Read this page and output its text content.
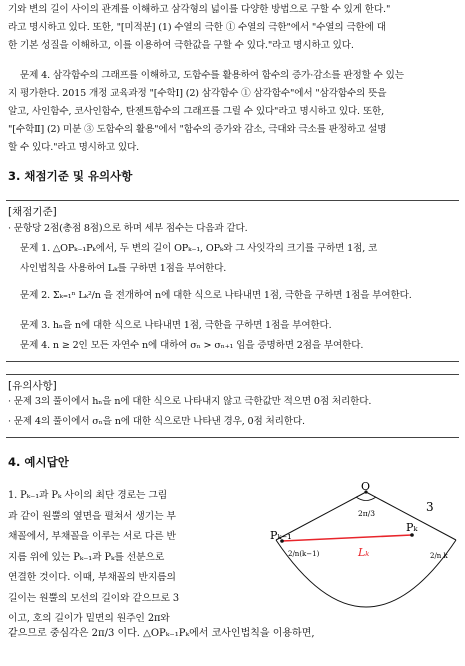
기와 변의 길이 사이의 관계를 이해하고 삼각형의 넓이를 다양한 방법으로 구할 수 있게 한다."
라고 명시하고 있다. 또한, "[미적분] (1) 수열의 극한 ① 수열의 극한"에서 "수열의 극한에 대
한 기본 성질을 이해하고, 이를 이용하여 극한값을 구할 수 있다."라고 명시하고 있다.
문제 4. 삼각함수의 그래프를 이해하고, 도함수를 활용하여 함수의 증가·감소를 판정할 수 있는
지 평가한다. 2015 개정 교육과정 "[수학Ⅰ] (2) 삼각함수 ① 삼각함수"에서 "삼각함수의 뜻을
알고, 사인함수, 코사인함수, 탄젠트함수의 그래프를 그릴 수 있다"라고 명시하고 있다. 또한,
"[수학Ⅱ] (2) 미분 ③ 도함수의 활용"에서 "함수의 증가와 감소, 극대와 극소를 판정하고 설명
할 수 있다."라고 명시하고 있다.
3. 채점기준 및 유의사항
[채점기준]
· 문항당 2점(총점 8점)으로 하며 세부 점수는 다음과 같다.
문제 1. △OPₖ₋₁Pₖ에서, 두 변의 길이 OPₖ₋₁, OPₖ와 그 사잇각의 크기를 구하면 1점, 코
사인법칙을 사용하여 Lₖ를 구하면 1점을 부여한다.
문제 2. Σₖ₌₁ⁿ Lₖ²/n 을 전개하여 n에 대한 식으로 나타내면 1점, 극한을 구하면 1점을 부여한다.
문제 3. hₙ을 n에 대한 식으로 나타내면 1점, 극한을 구하면 1점을 부여한다.
문제 4. n ≥ 2인 모든 자연수 n에 대하여 σₙ > σₙ₊₁ 임을 증명하면 2점을 부여한다.
[유의사항]
· 문제 3의 풀이에서 hₙ을 n에 대한 식으로 나타내지 않고 극한값만 적으면 0점 처리한다.
· 문제 4의 풀이에서 σₙ을 n에 대한 식으로만 나타낸 경우, 0점 처리한다.
4. 예시답안
1. Pₖ₋₁과 Pₖ 사이의 최단 경로는 그림
과 같이 원뿔의 옆면을 펼쳐서 생기는 부
채꼴에서, 부채꼴을 이루는 서로 다른 반
지름 위에 있는 Pₖ₋₁과 Pₖ를 선분으로
연결한 것이다. 이때, 부채꼴의 반지름의
길이는 원뿔의 모선의 길이와 같으므로 3
이고, 호의 길이가 밑면의 원주인 2π와
O
3
2π/3
Pₖ₋₁
Pₖ
Lₖ
2/n(k−1)	2/n k
같으므로 중심각은 2π/3 이다. △OPₖ₋₁Pₖ에서 코사인법칙을 이용하면,
